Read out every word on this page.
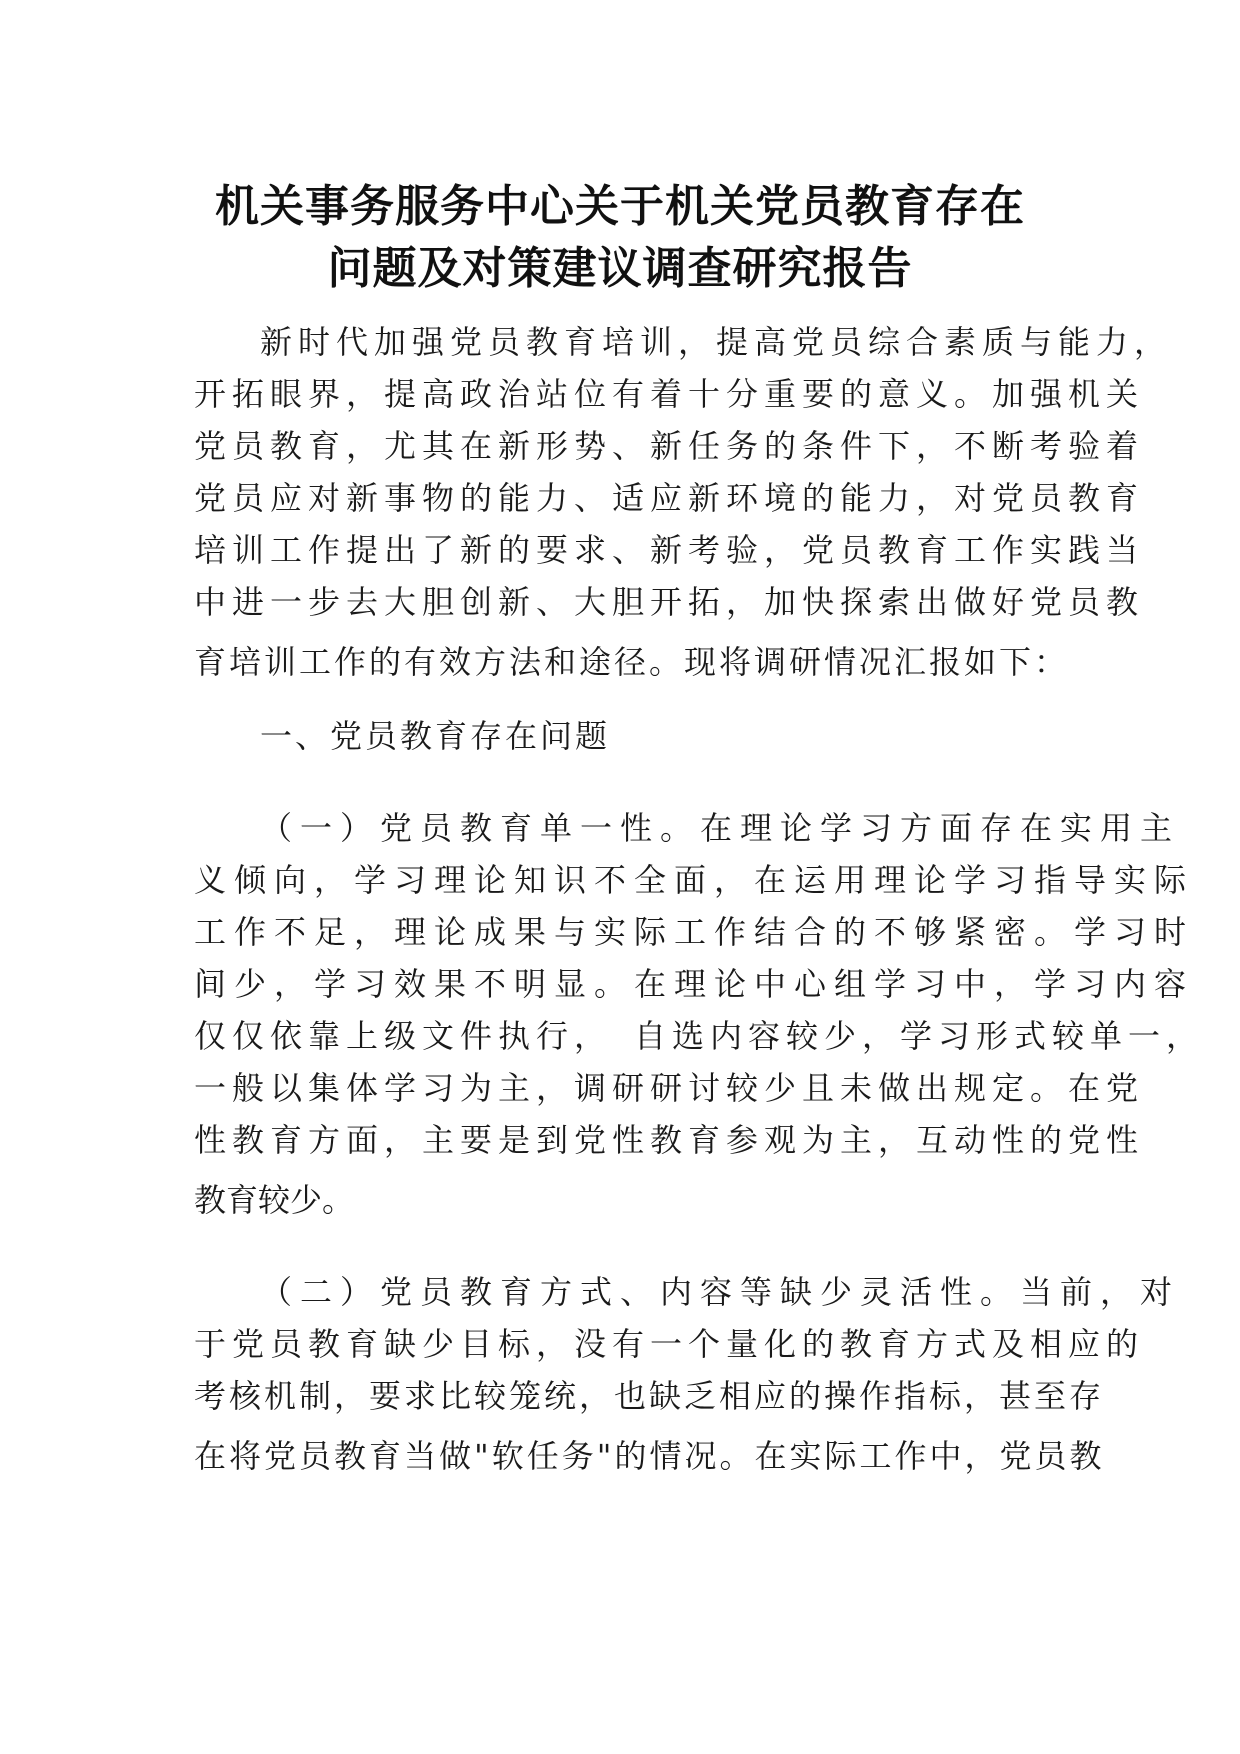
机关事务服务中心关于机关党员教育存在
问题及对策建议调查研究报告
新时代加强党员教育培训，提高党员综合素质与能力，
开拓眼界，提高政治站位有着十分重要的意义。加强机关
党员教育，尤其在新形势、新任务的条件下，不断考验着
党员应对新事物的能力、适应新环境的能力，对党员教育
培训工作提出了新的要求、新考验，党员教育工作实践当
中进一步去大胆创新、大胆开拓，加快探索出做好党员教
育培训工作的有效方法和途径。现将调研情况汇报如下：
一、党员教育存在问题
（一）党员教育单一性。在理论学习方面存在实用主
义倾向，学习理论知识不全面，在运用理论学习指导实际
工作不足，理论成果与实际工作结合的不够紧密。学习时
间少，学习效果不明显。在理论中心组学习中，学习内容
仅仅依靠上级文件执行，　自选内容较少，学习形式较单一，
一般以集体学习为主，调研研讨较少且未做出规定。在党
性教育方面，主要是到党性教育参观为主，互动性的党性
教育较少。
（二）党员教育方式、内容等缺少灵活性。当前，对
于党员教育缺少目标，没有一个量化的教育方式及相应的
考核机制，要求比较笼统，也缺乏相应的操作指标，甚至存
在将党员教育当做"软任务"的情况。在实际工作中，党员教
